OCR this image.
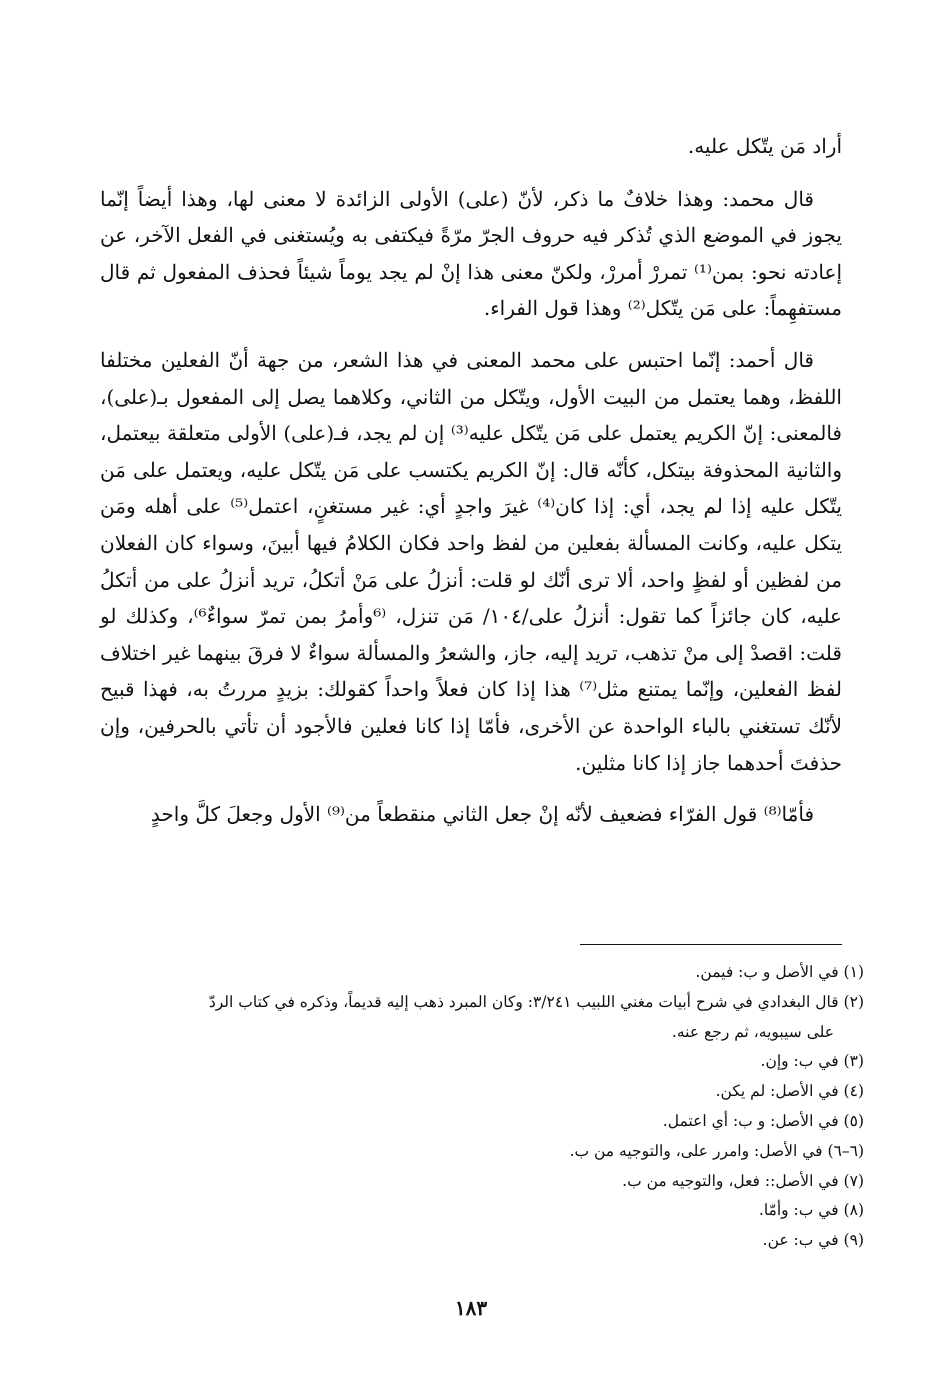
أراد مَن يتّكل عليه.

قال محمد: وهذا خلافٌ ما ذكر، لأنّ (على) الأولى الزائدة لا معنى لها، وهذا أيضاً إنّما يجوز في الموضع الذي تُذكر فيه حروف الجرّ مرّةً فيكتفى به ويُستغنى في الفعل الآخر، عن إعادته نحو: بمن⁽¹⁾ تمررْ أمررْ، ولكنّ معنى هذا إنْ لم يجد يوماً شيئاً فحذف المفعول ثم قال مستفهِماً: على مَن يتّكل⁽²⁾ وهذا قول الفراء.

قال أحمد: إنّما احتبس على محمد المعنى في هذا الشعر، من جهة أنّ الفعلين مختلفا اللفظ، وهما يعتمل من البيت الأول، ويتّكل من الثاني، وكلاهما يصل إلى المفعول بـ(على)، فالمعنى: إنّ الكريم يعتمل على مَن يتّكل عليه⁽³⁾ إن لم يجد، فـ(على) الأولى متعلقة بيعتمل، والثانية المحذوفة بيتكل، كأنّه قال: إنّ الكريم يكتسب على مَن يتّكل عليه، ويعتمل على مَن يتّكل عليه إذا لم يجد، أي: إذا كان⁽⁴⁾ غيرَ واجدٍ أي: غير مستغنٍ، اعتمل⁽⁵⁾ على أهله ومَن يتكل عليه، وكانت المسألة بفعلين من لفظ واحد فكان الكلامُ فيها أبينَ، وسواء كان الفعلان من لفظين أو لفظٍ واحد، ألا ترى أنّك لو قلت: أنزلُ على مَنْ أتكلُ، تريد أنزلُ على من أتكلُ عليه، كان جائزاً كما تقول: أنزلُ على/١٠٤/ مَن تنزل، ⁽⁶وأمرُ بمن تمرّ سواءٌ⁶⁾، وكذلك لو قلت: اقصدْ إلى منْ تذهب، تريد إليه، جاز، والشعرُ والمسألة سواءٌ لا فرقَ بينهما غير اختلاف لفظ الفعلين، وإنّما يمتنع مثل⁽⁷⁾ هذا إذا كان فعلاً واحداً كقولك: بزيدٍ مررتُ به، فهذا قبيح لأنّك تستغني بالباء الواحدة عن الأخرى، فأمّا إذا كانا فعلين فالأجود أن تأتي بالحرفين، وإن حذفتَ أحدهما جاز إذا كانا مثلين.

فأمّا⁽⁸⁾ قول الفرّاء فضعيف لأنّه إنْ جعل الثاني منقطعاً من⁽⁹⁾ الأول وجعلَ كلَّ واحدٍ

(١) في الأصل و ب: فيمن.

(٢) قال البغدادي في شرح أبيات مغني اللبيب ٣/٢٤١: وكان المبرد ذهب إليه قديماً، وذكره في كتاب الردّ

على سيبويه، ثم رجع عنه.

(٣) في ب: وإن.

(٤) في الأصل: لم يكن.

(٥) في الأصل: و ب: أي اعتمل.

(٦–٦) في الأصل: وامرر على، والتوجيه من ب.

(٧) في الأصل:: فعل، والتوجيه من ب.

(٨) في ب: وأمّا.

(٩) في ب: عن.

١٨٣
